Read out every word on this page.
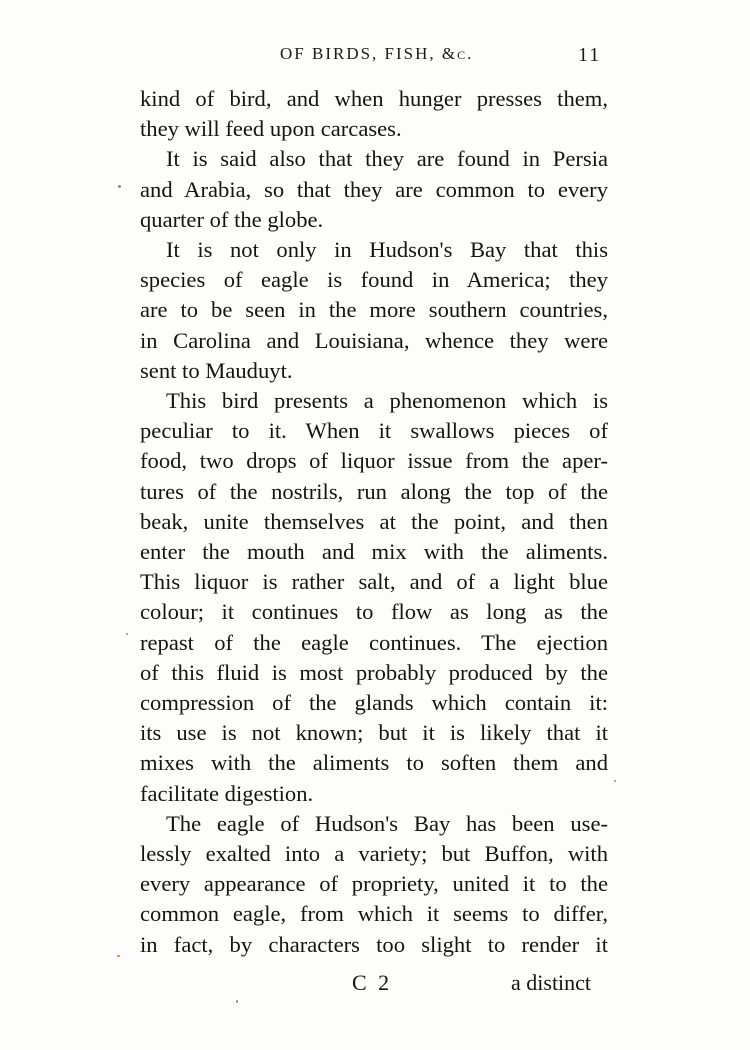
OF BIRDS, FISH, &c.	11

kind of bird, and when hunger presses them,
they will feed upon carcases.

It is said also that they are found in Persia
and Arabia, so that they are common to every
quarter of the globe.

It is not only in Hudson's Bay that this
species of eagle is found in America; they
are to be seen in the more southern countries,
in Carolina and Louisiana, whence they were
sent to Mauduyt.

This bird presents a phenomenon which is
peculiar to it. When it swallows pieces of
food, two drops of liquor issue from the aper-
tures of the nostrils, run along the top of the
beak, unite themselves at the point, and then
enter the mouth and mix with the aliments.
This liquor is rather salt, and of a light blue
colour; it continues to flow as long as the
repast of the eagle continues. The ejection
of this fluid is most probably produced by the
compression of the glands which contain it:
its use is not known; but it is likely that it
mixes with the aliments to soften them and
facilitate digestion.

The eagle of Hudson's Bay has been use-
lessly exalted into a variety; but Buffon, with
every appearance of propriety, united it to the
common eagle, from which it seems to differ,
in fact, by characters too slight to render it

C 2	a distinct
